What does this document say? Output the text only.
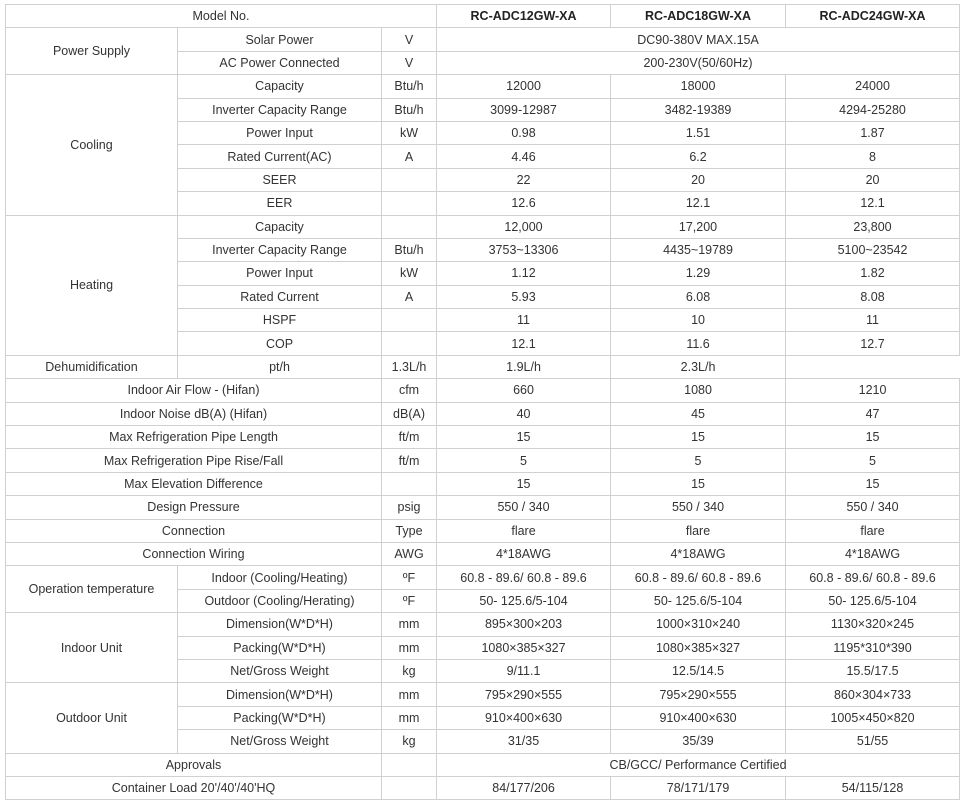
Model No.			RC-ADC12GW-XA	RC-ADC18GW-XA	RC-ADC24GW-XA
Power Supply	Solar Power	V	DC90-380V MAX.15A		
	AC Power Connected	V	200-230V(50/60Hz)		
Cooling	Capacity	Btu/h	12000	18000	24000
	Inverter Capacity Range	Btu/h	3099-12987	3482-19389	4294-25280
	Power Input	kW	0.98	1.51	1.87
	Rated Current(AC)	A	4.46	6.2	8
	SEER		22	20	20
	EER		12.6	12.1	12.1
Heating	Capacity		12,000	17,200	23,800
	Inverter Capacity Range	Btu/h	3753~13306	4435~19789	5100~23542
	Power Input	kW	1.12	1.29	1.82
	Rated Current	A	5.93	6.08	8.08
	HSPF		11	10	11
	COP		12.1	11.6	12.7
Dehumidification	pt/h	1.3L/h	1.9L/h	2.3L/h	
Indoor Air Flow - (Hifan)		cfm	660	1080	1210
Indoor Noise dB(A) (Hifan)		dB(A)	40	45	47
Max Refrigeration Pipe Length		ft/m	15	15	15
Max Refrigeration Pipe Rise/Fall		ft/m	5	5	5
Max Elevation Difference			15	15	15
Design Pressure		psig	550 / 340	550 / 340	550 / 340
Connection		Type	flare	flare	flare
Connection Wiring		AWG	4*18AWG	4*18AWG	4*18AWG
Operation temperature	Indoor (Cooling/Heating)	ºF	60.8 - 89.6/ 60.8 - 89.6	60.8 - 89.6/ 60.8 - 89.6	60.8 - 89.6/ 60.8 - 89.6
	Outdoor (Cooling/Herating)	ºF	50- 125.6/5-104	50- 125.6/5-104	50- 125.6/5-104
Indoor Unit	Dimension(W*D*H)	mm	895×300×203	1000×310×240	1130×320×245
	Packing(W*D*H)	mm	1080×385×327	1080×385×327	1195*310*390
	Net/Gross Weight	kg	9/11.1	12.5/14.5	15.5/17.5
Outdoor Unit	Dimension(W*D*H)	mm	795×290×555	795×290×555	860×304×733
	Packing(W*D*H)	mm	910×400×630	910×400×630	1005×450×820
	Net/Gross Weight	kg	31/35	35/39	51/55
Approvals			CB/GCC/ Performance Certified		
Container Load 20'/40'/40'HQ			84/177/206	78/171/179	54/115/128
